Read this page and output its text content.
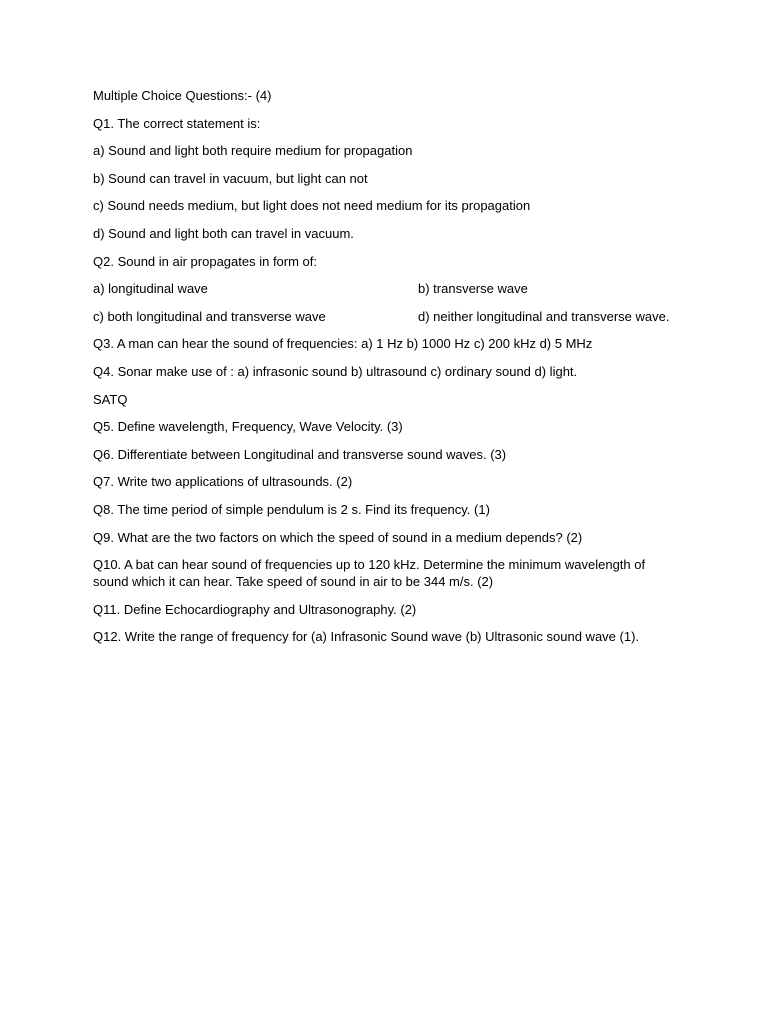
Multiple Choice Questions:- (4)
Q1. The correct statement is:
a) Sound and light both require medium for propagation
b) Sound can travel in vacuum, but light can not
c) Sound needs medium, but light does not need medium for its propagation
d) Sound and light both can travel in vacuum.
Q2. Sound in air propagates in form of:
a) longitudinal wave	b) transverse wave
c) both longitudinal and transverse wave	d) neither longitudinal and transverse wave.
Q3. A man can hear the sound of frequencies: a) 1 Hz b) 1000 Hz c) 200 kHz d) 5 MHz
Q4. Sonar make use of : a) infrasonic sound b) ultrasound c) ordinary sound d) light.
SATQ
Q5. Define wavelength, Frequency, Wave Velocity. (3)
Q6. Differentiate between Longitudinal and transverse sound waves. (3)
Q7. Write two applications of ultrasounds. (2)
Q8. The time period of simple pendulum is 2 s. Find its frequency. (1)
Q9. What are the two factors on which the speed of sound in a medium depends? (2)
Q10. A bat can hear sound of frequencies up to 120 kHz. Determine the minimum wavelength of sound which it can hear. Take speed of sound in air to be 344 m/s. (2)
Q11. Define Echocardiography and Ultrasonography. (2)
Q12. Write the range of frequency for (a) Infrasonic Sound wave (b) Ultrasonic sound wave (1).
